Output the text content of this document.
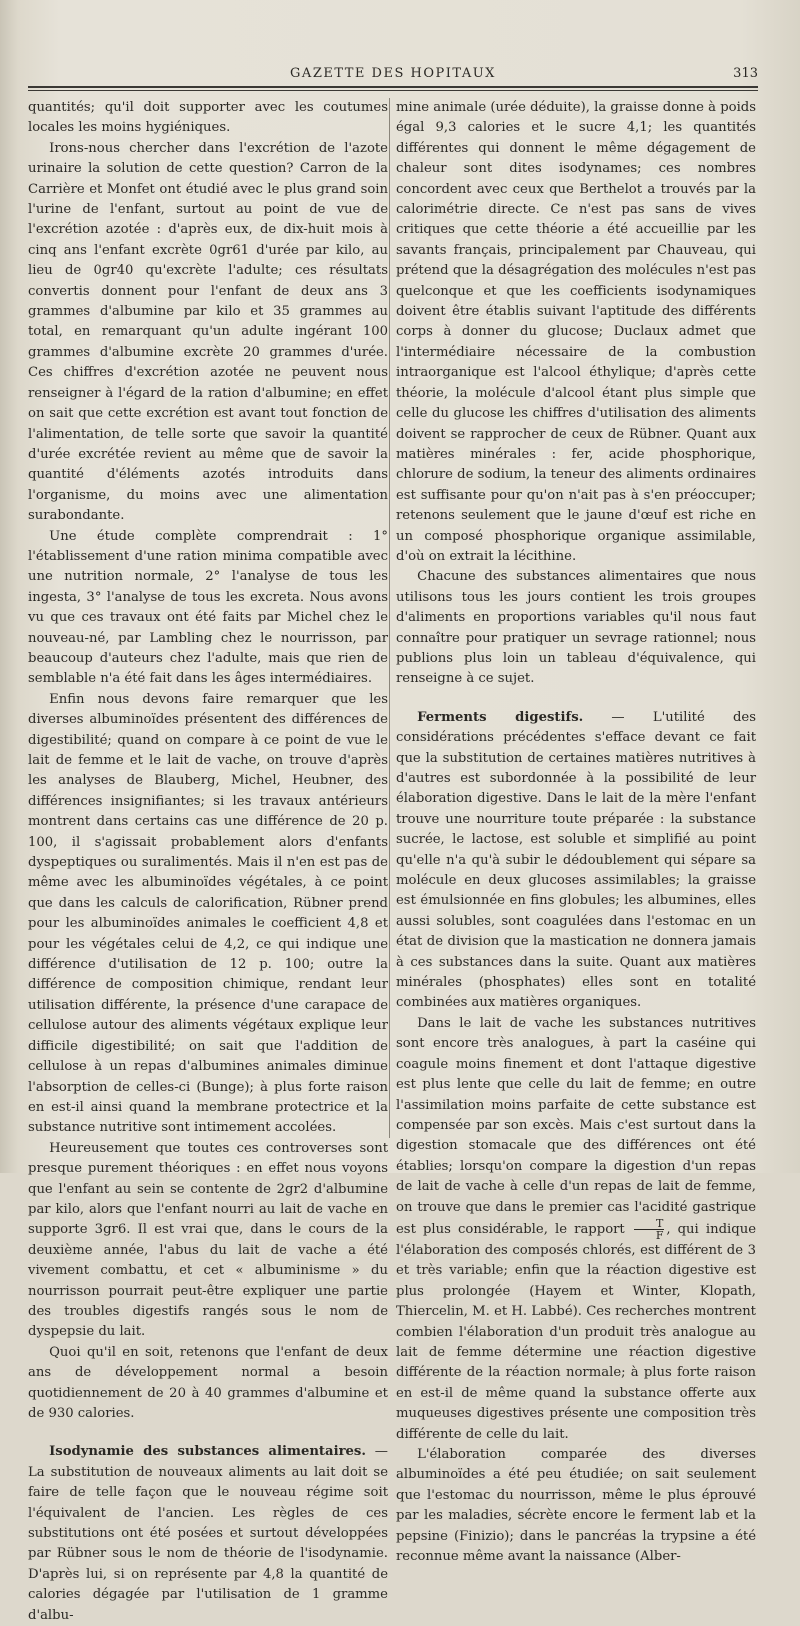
GAZETTE DES HOPITAUX	313

quantités; qu'il doit supporter avec les coutumes locales les moins hygiéniques.

Irons-nous chercher dans l'excrétion de l'azote urinaire la solution de cette question? Carron de la Carrière et Monfet ont étudié avec le plus grand soin l'urine de l'enfant, surtout au point de vue de l'excrétion azotée : d'après eux, de dix-huit mois à cinq ans l'enfant excrète 0gr61 d'urée par kilo, au lieu de 0gr40 qu'excrète l'adulte; ces résultats convertis donnent pour l'enfant de deux ans 3 grammes d'albumine par kilo et 35 grammes au total, en remarquant qu'un adulte ingérant 100 grammes d'albumine excrète 20 grammes d'urée. Ces chiffres d'excrétion azotée ne peuvent nous renseigner à l'égard de la ration d'albumine; en effet on sait que cette excrétion est avant tout fonction de l'alimentation, de telle sorte que savoir la quantité d'urée excrétée revient au même que de savoir la quantité d'éléments azotés introduits dans l'organisme, du moins avec une alimentation surabondante.

Une étude complète comprendrait : 1° l'établissement d'une ration minima compatible avec une nutrition normale, 2° l'analyse de tous les ingesta, 3° l'analyse de tous les excreta. Nous avons vu que ces travaux ont été faits par Michel chez le nouveau-né, par Lambling chez le nourrisson, par beaucoup d'auteurs chez l'adulte, mais que rien de semblable n'a été fait dans les âges intermédiaires.

Enfin nous devons faire remarquer que les diverses albuminoïdes présentent des différences de digestibilité; quand on compare à ce point de vue le lait de femme et le lait de vache, on trouve d'après les analyses de Blauberg, Michel, Heubner, des différences insignifiantes; si les travaux antérieurs montrent dans certains cas une différence de 20 p. 100, il s'agissait probablement alors d'enfants dyspeptiques ou suralimentés. Mais il n'en est pas de même avec les albuminoïdes végétales, à ce point que dans les calculs de calorification, Rübner prend pour les albuminoïdes animales le coefficient 4,8 et pour les végétales celui de 4,2, ce qui indique une différence d'utilisation de 12 p. 100; outre la différence de composition chimique, rendant leur utilisation différente, la présence d'une carapace de cellulose autour des aliments végétaux explique leur difficile digestibilité; on sait que l'addition de cellulose à un repas d'albumines animales diminue l'absorption de celles-ci (Bunge); à plus forte raison en est-il ainsi quand la membrane protectrice et la substance nutritive sont intimement accolées.

Heureusement que toutes ces controverses sont presque purement théoriques : en effet nous voyons que l'enfant au sein se contente de 2gr2 d'albumine par kilo, alors que l'enfant nourri au lait de vache en supporte 3gr6. Il est vrai que, dans le cours de la deuxième année, l'abus du lait de vache a été vivement combattu, et cet « albuminisme » du nourrisson pourrait peut-être expliquer une partie des troubles digestifs rangés sous le nom de dyspepsie du lait.

Quoi qu'il en soit, retenons que l'enfant de deux ans de développement normal a besoin quotidiennement de 20 à 40 grammes d'albumine et de 930 calories.

Isodynamie des substances alimentaires. — La substitution de nouveaux aliments au lait doit se faire de telle façon que le nouveau régime soit l'équivalent de l'ancien. Les règles de ces substitutions ont été posées et surtout développées par Rübner sous le nom de théorie de l'isodynamie. D'après lui, si on représente par 4,8 la quantité de calories dégagée par l'utilisation de 1 gramme d'albu-

mine animale (urée déduite), la graisse donne à poids égal 9,3 calories et le sucre 4,1; les quantités différentes qui donnent le même dégagement de chaleur sont dites isodynames; ces nombres concordent avec ceux que Berthelot a trouvés par la calorimétrie directe. Ce n'est pas sans de vives critiques que cette théorie a été accueillie par les savants français, principalement par Chauveau, qui prétend que la désagrégation des molécules n'est pas quelconque et que les coefficients isodynamiques doivent être établis suivant l'aptitude des différents corps à donner du glucose; Duclaux admet que l'intermédiaire nécessaire de la combustion intraorganique est l'alcool éthylique; d'après cette théorie, la molécule d'alcool étant plus simple que celle du glucose les chiffres d'utilisation des aliments doivent se rapprocher de ceux de Rübner. Quant aux matières minérales : fer, acide phosphorique, chlorure de sodium, la teneur des aliments ordinaires est suffisante pour qu'on n'ait pas à s'en préoccuper; retenons seulement que le jaune d'œuf est riche en un composé phosphorique organique assimilable, d'où on extrait la lécithine.

Chacune des substances alimentaires que nous utilisons tous les jours contient les trois groupes d'aliments en proportions variables qu'il nous faut connaître pour pratiquer un sevrage rationnel; nous publions plus loin un tableau d'équivalence, qui renseigne à ce sujet.

Ferments digestifs. — L'utilité des considérations précédentes s'efface devant ce fait que la substitution de certaines matières nutritives à d'autres est subordonnée à la possibilité de leur élaboration digestive. Dans le lait de la mère l'enfant trouve une nourriture toute préparée : la substance sucrée, le lactose, est soluble et simplifié au point qu'elle n'a qu'à subir le dédoublement qui sépare sa molécule en deux glucoses assimilables; la graisse est émulsionnée en fins globules; les albumines, elles aussi solubles, sont coagulées dans l'estomac en un état de division que la mastication ne donnera jamais à ces substances dans la suite. Quant aux matières minérales (phosphates) elles sont en totalité combinées aux matières organiques.

Dans le lait de vache les substances nutritives sont encore très analogues, à part la caséine qui coagule moins finement et dont l'attaque digestive est plus lente que celle du lait de femme; en outre l'assimilation moins parfaite de cette substance est compensée par son excès. Mais c'est surtout dans la digestion stomacale que des différences ont été établies; lorsqu'on compare la digestion d'un repas de lait de vache à celle d'un repas de lait de femme, on trouve que dans le premier cas l'acidité gastrique est plus considérable, le rapport $\frac{T}{F}$ , qui indique l'élaboration des composés chlorés, est différent de 3 et très variable; enfin que la réaction digestive est plus prolongée (Hayem et Winter, Klopath, Thiercelin, M. et H. Labbé). Ces recherches montrent combien l'élaboration d'un produit très analogue au lait de femme détermine une réaction digestive différente de la réaction normale; à plus forte raison en est-il de même quand la substance offerte aux muqueuses digestives présente une composition très différente de celle du lait.

L'élaboration comparée des diverses albuminoïdes a été peu étudiée; on sait seulement que l'estomac du nourrisson, même le plus éprouvé par les maladies, sécrète encore le ferment lab et la pepsine (Finizio); dans le pancréas la trypsine a été reconnue même avant la naissance (Alber-
